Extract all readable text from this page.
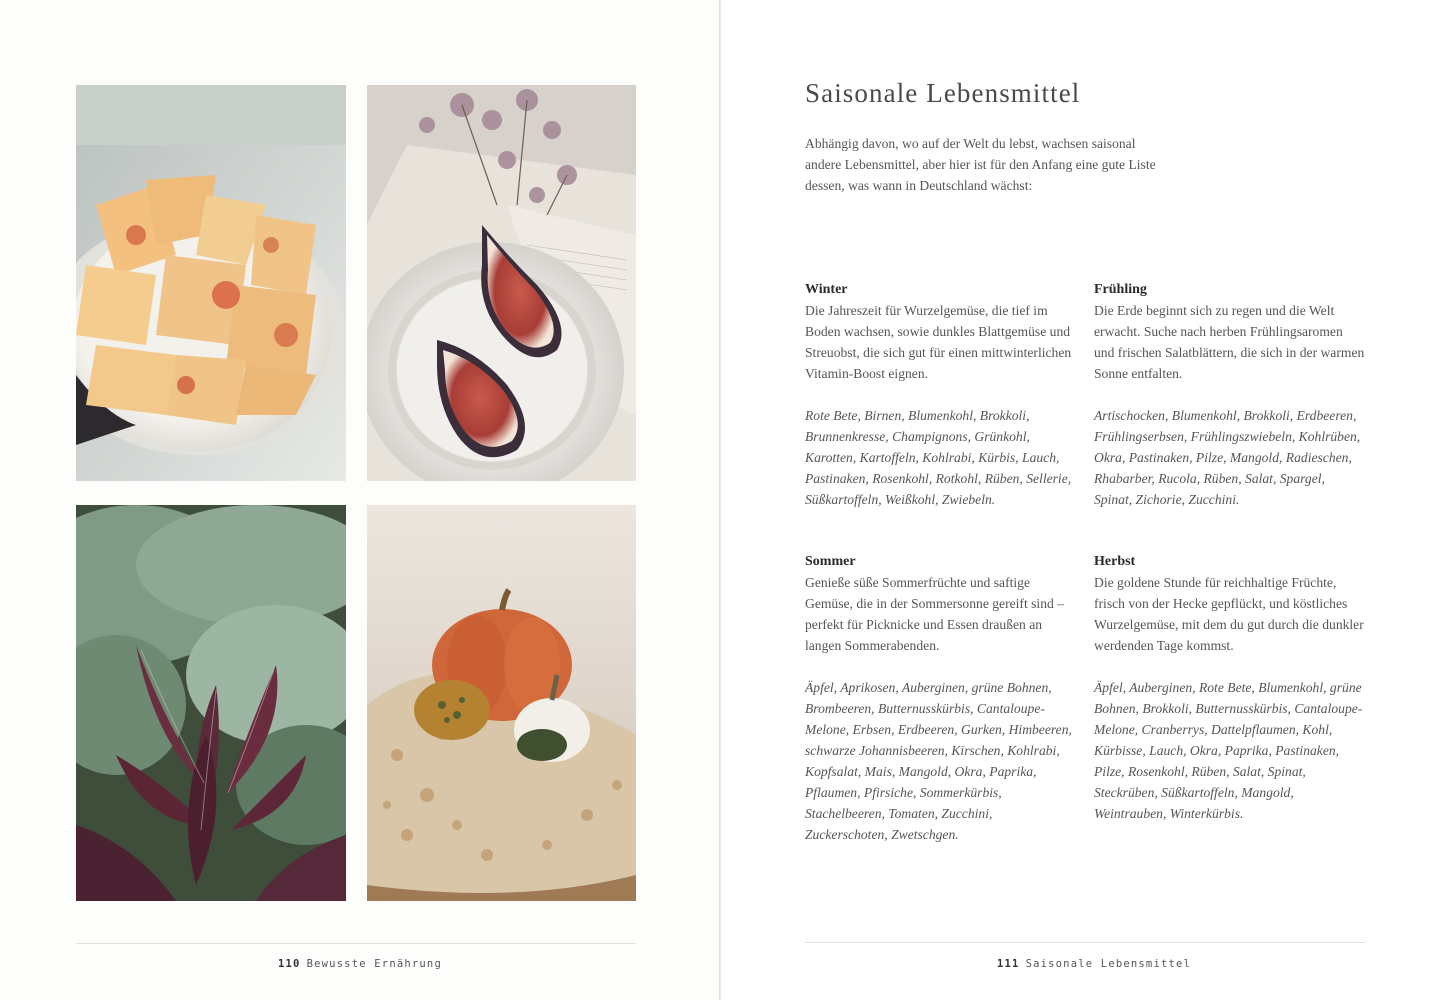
110 Bewusste Ernährung
Saisonale Lebensmittel

Abhängig davon, wo auf der Welt du lebst, wachsen saisonal andere Lebensmittel, aber hier ist für den Anfang eine gute Liste dessen, was wann in Deutschland wächst:

Winter

Die Jahreszeit für Wurzelgemüse, die tief im Boden wachsen, sowie dunkles Blattgemüse und Streuobst, die sich gut für einen mittwinterlichen Vitamin-Boost eignen.

Rote Bete, Birnen, Blumenkohl, Brokkoli, Brunnenkresse, Champignons, Grünkohl, Karotten, Kartoffeln, Kohlrabi, Kürbis, Lauch, Pastinaken, Rosenkohl, Rotkohl, Rüben, Sellerie, Süßkartoffeln, Weißkohl, Zwiebeln.

Frühling

Die Erde beginnt sich zu regen und die Welt erwacht. Suche nach herben Frühlingsaromen und frischen Salatblättern, die sich in der warmen Sonne entfalten.

Artischocken, Blumenkohl, Brokkoli, Erdbeeren, Frühlingserbsen, Frühlingszwiebeln, Kohlrüben, Okra, Pastinaken, Pilze, Mangold, Radieschen, Rhabarber, Rucola, Rüben, Salat, Spargel, Spinat, Zichorie, Zucchini.

Sommer

Genieße süße Sommerfrüchte und saftige Gemüse, die in der Sommersonne gereift sind – perfekt für Picknicke und Essen draußen an langen Sommerabenden.

Äpfel, Aprikosen, Auberginen, grüne Bohnen, Brombeeren, Butternusskürbis, Cantaloupe-Melone, Erbsen, Erdbeeren, Gurken, Himbeeren, schwarze Johannisbeeren, Kirschen, Kohlrabi, Kopfsalat, Mais, Mangold, Okra, Paprika, Pflaumen, Pfirsiche, Sommerkürbis, Stachelbeeren, Tomaten, Zucchini, Zuckerschoten, Zwetschgen.

Herbst

Die goldene Stunde für reichhaltige Früchte, frisch von der Hecke gepflückt, und köstliches Wurzelgemüse, mit dem du gut durch die dunkler werdenden Tage kommst.

Äpfel, Auberginen, Rote Bete, Blumenkohl, grüne Bohnen, Brokkoli, Butternusskürbis, Cantaloupe-Melone, Cranberrys, Dattelpflaumen, Kohl, Kürbisse, Lauch, Okra, Paprika, Pastinaken, Pilze, Rosenkohl, Rüben, Salat, Spinat, Steckrüben, Süßkartoffeln, Mangold, Weintrauben, Winterkürbis.

111 Saisonale Lebensmittel
